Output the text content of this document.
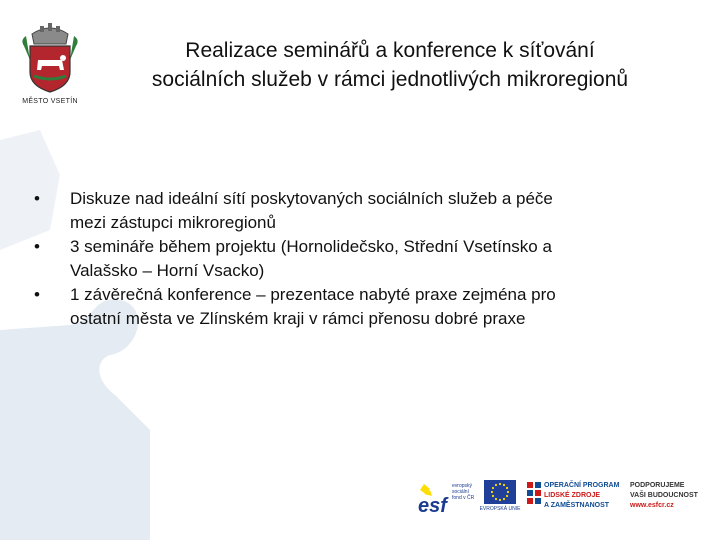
MĚSTO VSETÍN
Realizace seminářů a konference k síťování
sociálních služeb v rámci jednotlivých mikroregionů
• Diskuze nad ideální sítí poskytovaných sociálních služeb a péče
mezi zástupci mikroregionů
• 3 semináře během projektu (Hornolidečsko, Střední Vsetínsko a
Valašsko – Horní Vsacko)
• 1 závěrečná konference – prezentace nabyté praxe zejména pro
ostatní města ve Zlínském kraji v rámci přenosu dobré praxe
esf
evropský
sociální
fond v ČR
EVROPSKÁ UNIE
OPERAČNÍ PROGRAM
LIDSKÉ ZDROJE
A ZAMĚSTNANOST
PODPORUJEME
VAŠI BUDOUCNOST
www.esfcr.cz
